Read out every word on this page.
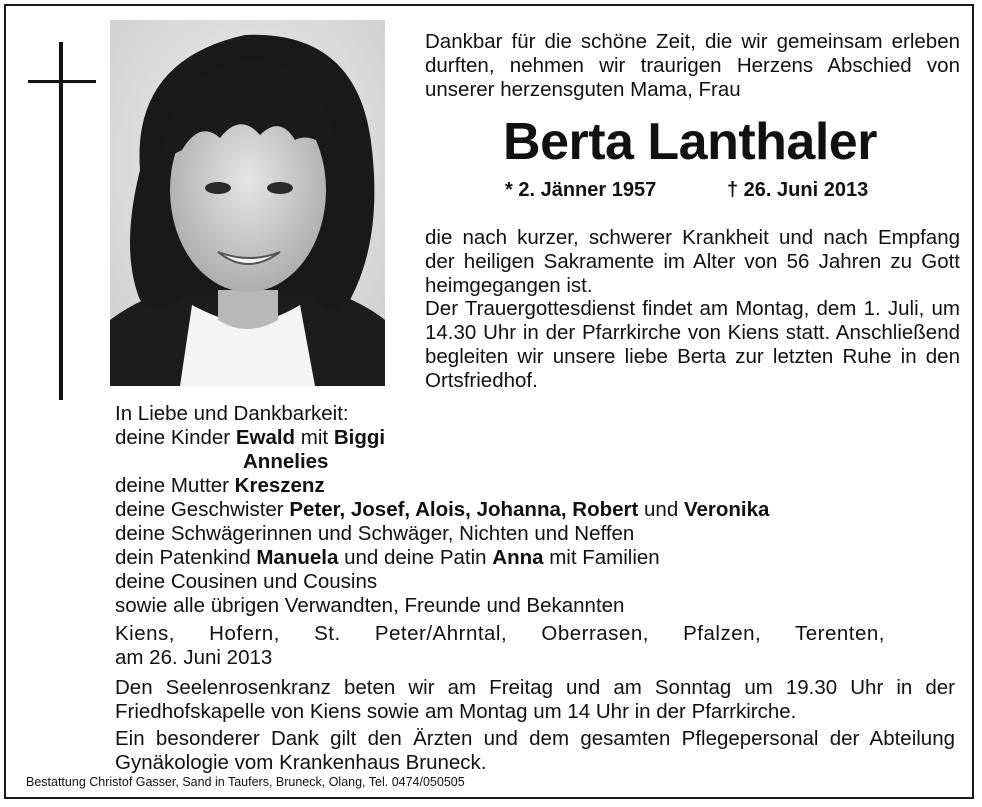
Dankbar für die schöne Zeit, die wir gemeinsam erleben durften, nehmen wir traurigen Herzens Abschied von unserer herzensguten Mama, Frau
Berta Lanthaler
* 2. Jänner 1957	† 26. Juni 2013
die nach kurzer, schwerer Krankheit und nach Empfang der heiligen Sakramente im Alter von 56 Jahren zu Gott heimgegangen ist.
Der Trauergottesdienst findet am Montag, dem 1. Juli, um 14.30 Uhr in der Pfarrkirche von Kiens statt. Anschließend begleiten wir unsere liebe Berta zur letzten Ruhe in den Ortsfriedhof.
In Liebe und Dankbarkeit:
deine Kinder Ewald mit Biggi
Annelies
deine Mutter Kreszenz
deine Geschwister Peter, Josef, Alois, Johanna, Robert und Veronika
deine Schwägerinnen und Schwäger, Nichten und Neffen
dein Patenkind Manuela und deine Patin Anna mit Familien
deine Cousinen und Cousins
sowie alle übrigen Verwandten, Freunde und Bekannten
Kiens, Hofern, St. Peter/Ahrntal, Oberrasen, Pfalzen, Terenten,
am 26. Juni 2013
Den Seelenrosenkranz beten wir am Freitag und am Sonntag um 19.30 Uhr in der Friedhofskapelle von Kiens sowie am Montag um 14 Uhr in der Pfarrkirche.
Ein besonderer Dank gilt den Ärzten und dem gesamten Pflegepersonal der Abteilung Gynäkologie vom Krankenhaus Bruneck.
Bestattung Christof Gasser, Sand in Taufers, Bruneck, Olang, Tel. 0474/050505
